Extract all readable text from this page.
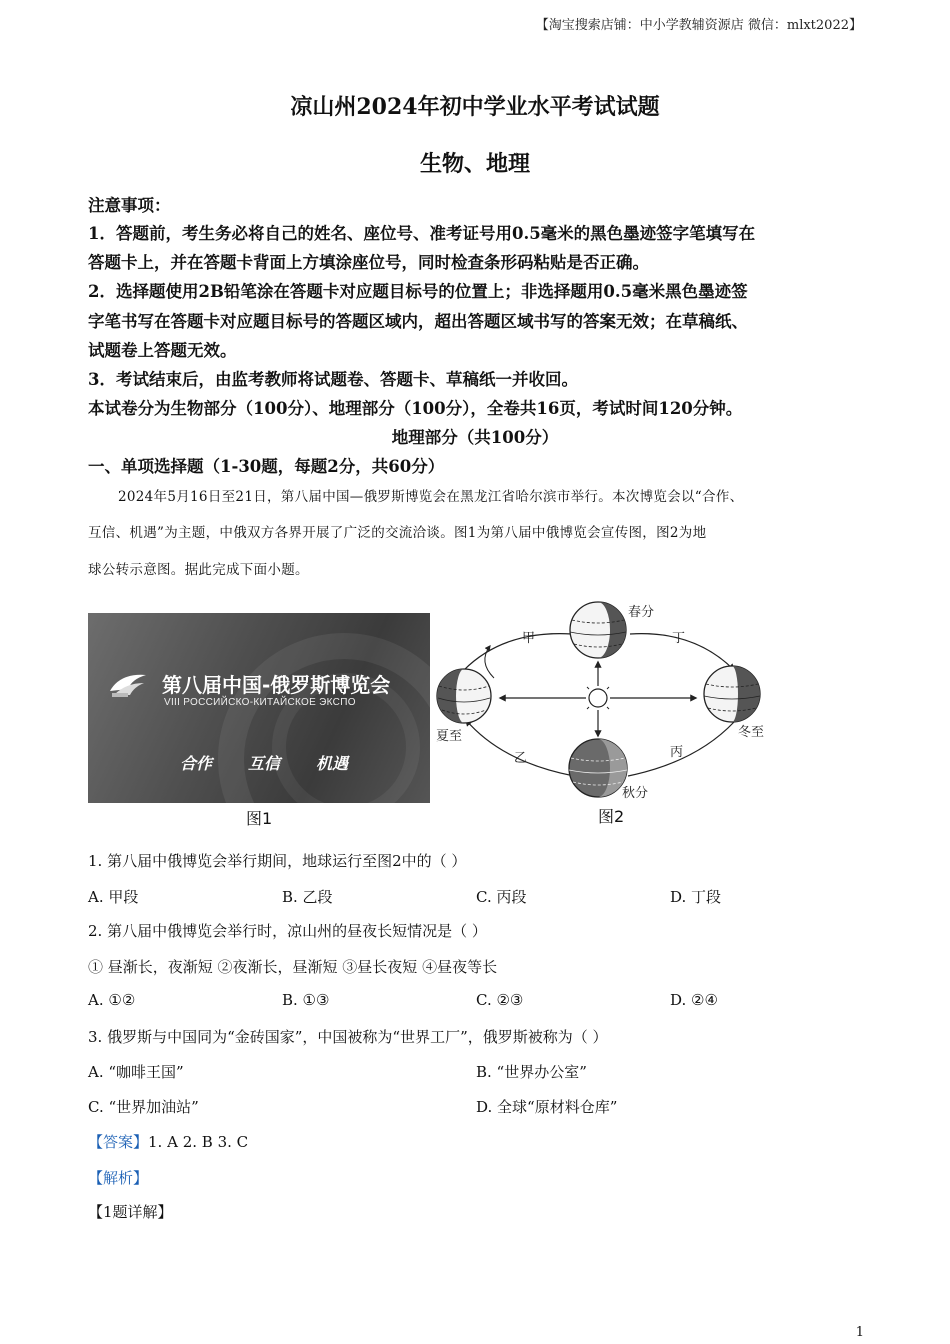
【淘宝搜索店铺：中小学教辅资源店 微信：mlxt2022】
凉山州2024年初中学业水平考试试题
生物、地理
注意事项：
1．答题前，考生务必将自己的姓名、座位号、准考证号用0.5毫米的黑色墨迹签字笔填写在
答题卡上，并在答题卡背面上方填涂座位号，同时检查条形码粘贴是否正确。
2．选择题使用2B铅笔涂在答题卡对应题目标号的位置上；非选择题用0.5毫米黑色墨迹签
字笔书写在答题卡对应题目标号的答题区域内，超出答题区域书写的答案无效；在草稿纸、
试题卷上答题无效。
3．考试结束后，由监考教师将试题卷、答题卡、草稿纸一并收回。
本试卷分为生物部分（100分）、地理部分（100分），全卷共16页，考试时间120分钟。
地理部分（共100分）
一、单项选择题（1-30题，每题2分，共60分）
2024年5月16日至21日，第八届中国—俄罗斯博览会在黑龙江省哈尔滨市举行。本次博览会以“合作、
互信、机遇”为主题，中俄双方各界开展了广泛的交流洽谈。图1为第八届中俄博览会宣传图，图2为地
球公转示意图。据此完成下面小题。
第八届中国-俄罗斯博览会
VIII РОССИЙСКО-КИТАЙСКОЕ ЭКСПО
合作 互信 机遇
图1
春分
夏至
秋分
冬至
甲
乙	丙
丁
图2
1. 第八届中俄博览会举行期间，地球运行至图2中的（ ）
A. 甲段	B. 乙段	C. 丙段	D. 丁段
2. 第八届中俄博览会举行时，凉山州的昼夜长短情况是（ ）
① 昼渐长，夜渐短 ②夜渐长，昼渐短 ③昼长夜短 ④昼夜等长
A. ①②	B. ①③	C. ②③	D. ②④
3. 俄罗斯与中国同为“金砖国家”，中国被称为“世界工厂”，俄罗斯被称为（ ）
A. “咖啡王国”	B. “世界办公室”
C. “世界加油站”	D. 全球“原材料仓库”
【答案】1. A 2. B 3. C
【解析】
【1题详解】
1
